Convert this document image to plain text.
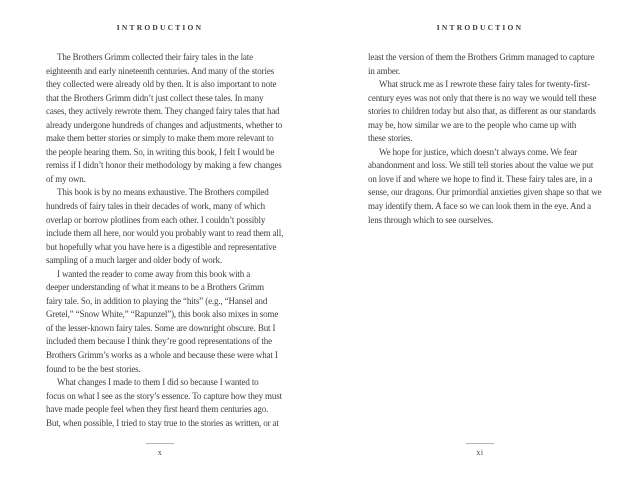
INTRODUCTION
The Brothers Grimm collected their fairy tales in the late
eighteenth and early nineteenth centuries. And many of the stories
they collected were already old by then. It is also important to note
that the Brothers Grimm didn’t just collect these tales. In many
cases, they actively rewrote them. They changed fairy tales that had
already undergone hundreds of changes and adjustments, whether to
make them better stories or simply to make them more relevant to
the people hearing them. So, in writing this book, I felt I would be
remiss if I didn’t honor their methodology by making a few changes
of my own.
This book is by no means exhaustive. The Brothers compiled
hundreds of fairy tales in their decades of work, many of which
overlap or borrow plotlines from each other. I couldn’t possibly
include them all here, nor would you probably want to read them all,
but hopefully what you have here is a digestible and representative
sampling of a much larger and older body of work.
I wanted the reader to come away from this book with a
deeper understanding of what it means to be a Brothers Grimm
fairy tale. So, in addition to playing the “hits” (e.g., “Hansel and
Gretel,” “Snow White,” “Rapunzel”), this book also mixes in some
of the lesser-known fairy tales. Some are downright obscure. But I
included them because I think they’re good representations of the
Brothers Grimm’s works as a whole and because these were what I
found to be the best stories.
What changes I made to them I did so because I wanted to
focus on what I see as the story’s essence. To capture how they must
have made people feel when they first heard them centuries ago.
But, when possible, I tried to stay true to the stories as written, or at
x
INTRODUCTION
least the version of them the Brothers Grimm managed to capture
in amber.
What struck me as I rewrote these fairy tales for twenty-first-
century eyes was not only that there is no way we would tell these
stories to children today but also that, as different as our standards
may be, how similar we are to the people who came up with
these stories.
We hope for justice, which doesn’t always come. We fear
abandonment and loss. We still tell stories about the value we put
on love if and where we hope to find it. These fairy tales are, in a
sense, our dragons. Our primordial anxieties given shape so that we
may identify them. A face so we can look them in the eye. And a
lens through which to see ourselves.
xi
